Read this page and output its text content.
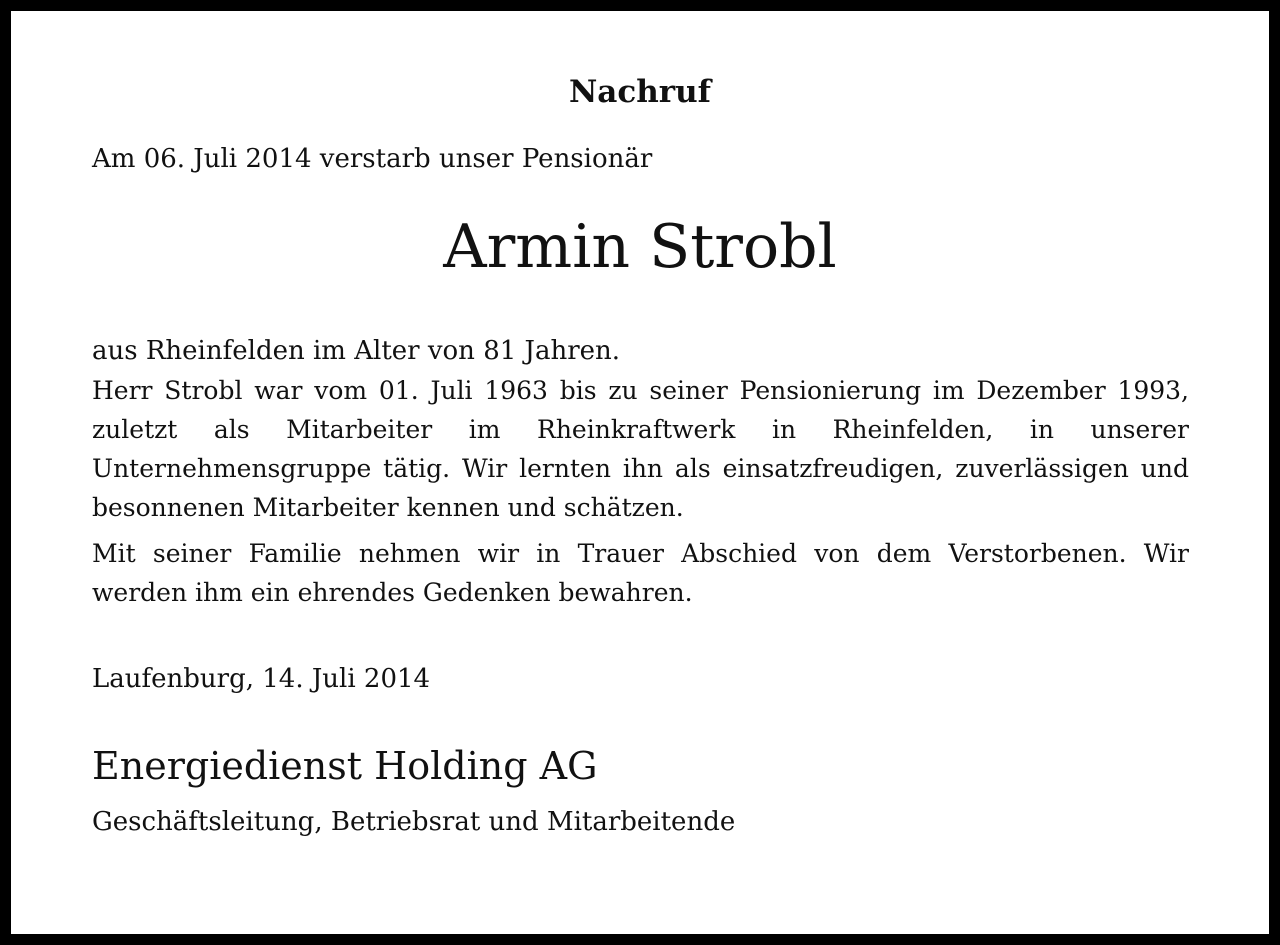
Nachruf

Am 06. Juli 2014 verstarb unser Pensionär

Armin Strobl

aus Rheinfelden im Alter von 81 Jahren.

Herr Strobl war vom 01. Juli 1963 bis zu seiner Pensionierung im Dezember 1993, zuletzt als Mitarbeiter im Rheinkraftwerk in Rheinfelden, in unserer Unternehmensgruppe tätig. Wir lernten ihn als einsatzfreudigen, zuverlässigen und besonnenen Mitarbeiter kennen und schätzen.

Mit seiner Familie nehmen wir in Trauer Abschied von dem Verstorbenen. Wir werden ihm ein ehrendes Gedenken bewahren.

Laufenburg, 14. Juli 2014

Energiedienst Holding AG

Geschäftsleitung, Betriebsrat und Mitarbeitende
